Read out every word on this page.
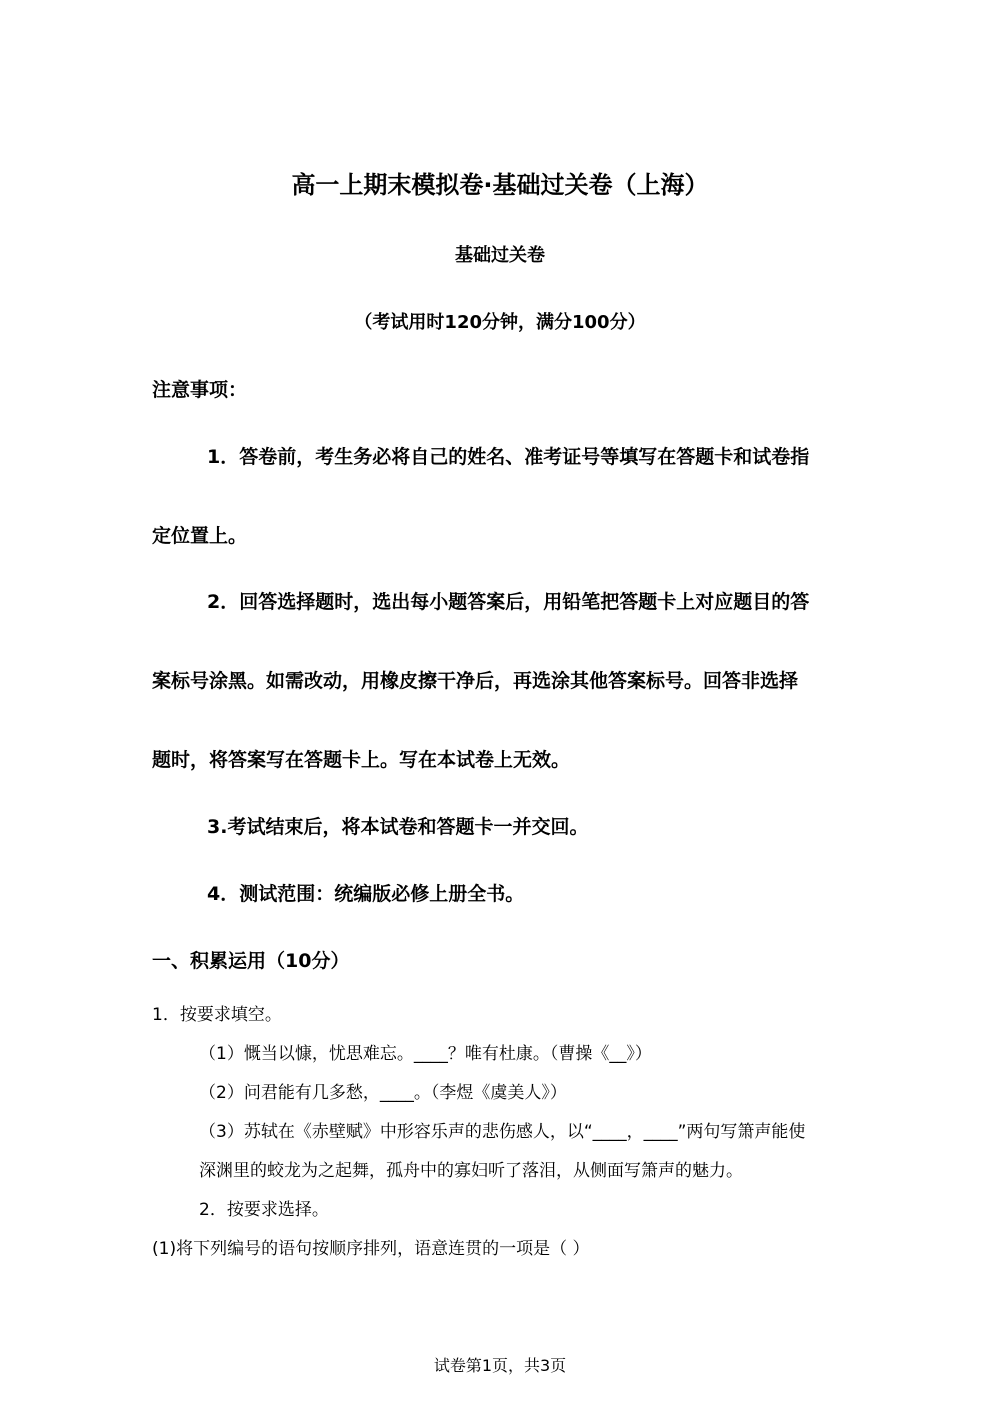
高一上期末模拟卷·基础过关卷（上海）
基础过关卷
（考试用时120分钟，满分100分）
注意事项：
1．答卷前，考生务必将自己的姓名、准考证号等填写在答题卡和试卷指
定位置上。
2．回答选择题时，选出每小题答案后，用铅笔把答题卡上对应题目的答
案标号涂黑。如需改动，用橡皮擦干净后，再选涂其他答案标号。回答非选择
题时，将答案写在答题卡上。写在本试卷上无效。
3.考试结束后，将本试卷和答题卡一并交回。
4．测试范围：统编版必修上册全书。
一、积累运用（10分）
1．按要求填空。
（1）慨当以慷，忧思难忘。____？唯有杜康。（曹操《__》）
（2）问君能有几多愁，____。（李煜《虞美人》）
（3）苏轼在《赤壁赋》中形容乐声的悲伤感人，以“____，____”两句写箫声能使
深渊里的蛟龙为之起舞，孤舟中的寡妇听了落泪，从侧面写箫声的魅力。
2．按要求选择。
(1)将下列编号的语句按顺序排列，语意连贯的一项是（ ）
试卷第1页，共3页
